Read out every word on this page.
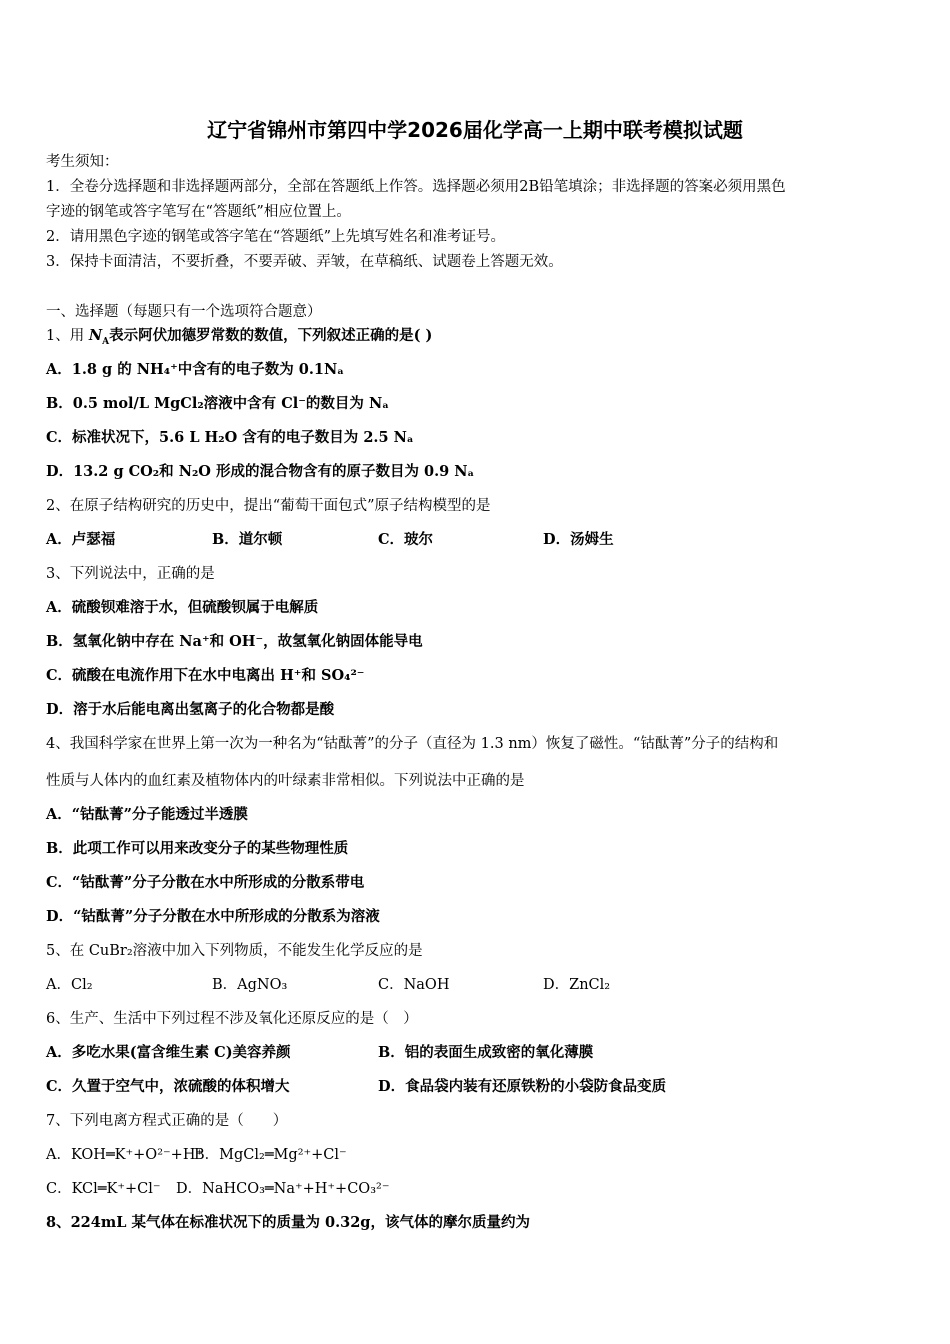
辽宁省锦州市第四中学2026届化学高一上期中联考模拟试题
考生须知：
1．全卷分选择题和非选择题两部分，全部在答题纸上作答。选择题必须用2B铅笔填涂；非选择题的答案必须用黑色
字迹的钢笔或答字笔写在“答题纸”相应位置上。
2．请用黑色字迹的钢笔或答字笔在“答题纸”上先填写姓名和准考证号。
3．保持卡面清洁，不要折叠，不要弄破、弄皱，在草稿纸、试题卷上答题无效。
一、选择题（每题只有一个选项符合题意）
1、用 $N_A$表示阿伏加德罗常数的数值，下列叙述正确的是( )
A．1.8 g 的 NH₄⁺中含有的电子数为 0.1Nₐ
B．0.5 mol/L MgCl₂溶液中含有 Cl⁻的数目为 Nₐ
C．标准状况下，5.6 L H₂O 含有的电子数目为 2.5 Nₐ
D．13.2 g CO₂和 N₂O 形成的混合物含有的原子数目为 0.9 Nₐ
2、在原子结构研究的历史中，提出“葡萄干面包式”原子结构模型的是
A．卢瑟福	B．道尔顿	C．玻尔	D．汤姆生
3、下列说法中，正确的是
A．硫酸钡难溶于水，但硫酸钡属于电解质
B．氢氧化钠中存在 Na⁺和 OH⁻，故氢氧化钠固体能导电
C．硫酸在电流作用下在水中电离出 H⁺和 SO₄²⁻
D．溶于水后能电离出氢离子的化合物都是酸
4、我国科学家在世界上第一次为一种名为“钴酞菁”的分子（直径为 1.3 nm）恢复了磁性。“钴酞菁”分子的结构和
性质与人体内的血红素及植物体内的叶绿素非常相似。下列说法中正确的是
A．“钴酞菁”分子能透过半透膜
B．此项工作可以用来改变分子的某些物理性质
C．“钴酞菁”分子分散在水中所形成的分散系带电
D．“钴酞菁”分子分散在水中所形成的分散系为溶液
5、在 CuBr₂溶液中加入下列物质，不能发生化学反应的是
A．Cl₂	B．AgNO₃	C．NaOH	D．ZnCl₂
6、生产、生活中下列过程不涉及氧化还原反应的是（　）
A．多吃水果(富含维生素 C)美容养颜	B．铝的表面生成致密的氧化薄膜
C．久置于空气中，浓硫酸的体积增大	D．食品袋内装有还原铁粉的小袋防食品变质
7、下列电离方程式正确的是（　　）
A．KOH═K⁺+O²⁻+H⁺
B．MgCl₂═Mg²⁺+Cl⁻
C．KCl═K⁺+Cl⁻ D．NaHCO₃═Na⁺+H⁺+CO₃²⁻
8、224mL 某气体在标准状况下的质量为 0.32g，该气体的摩尔质量约为
